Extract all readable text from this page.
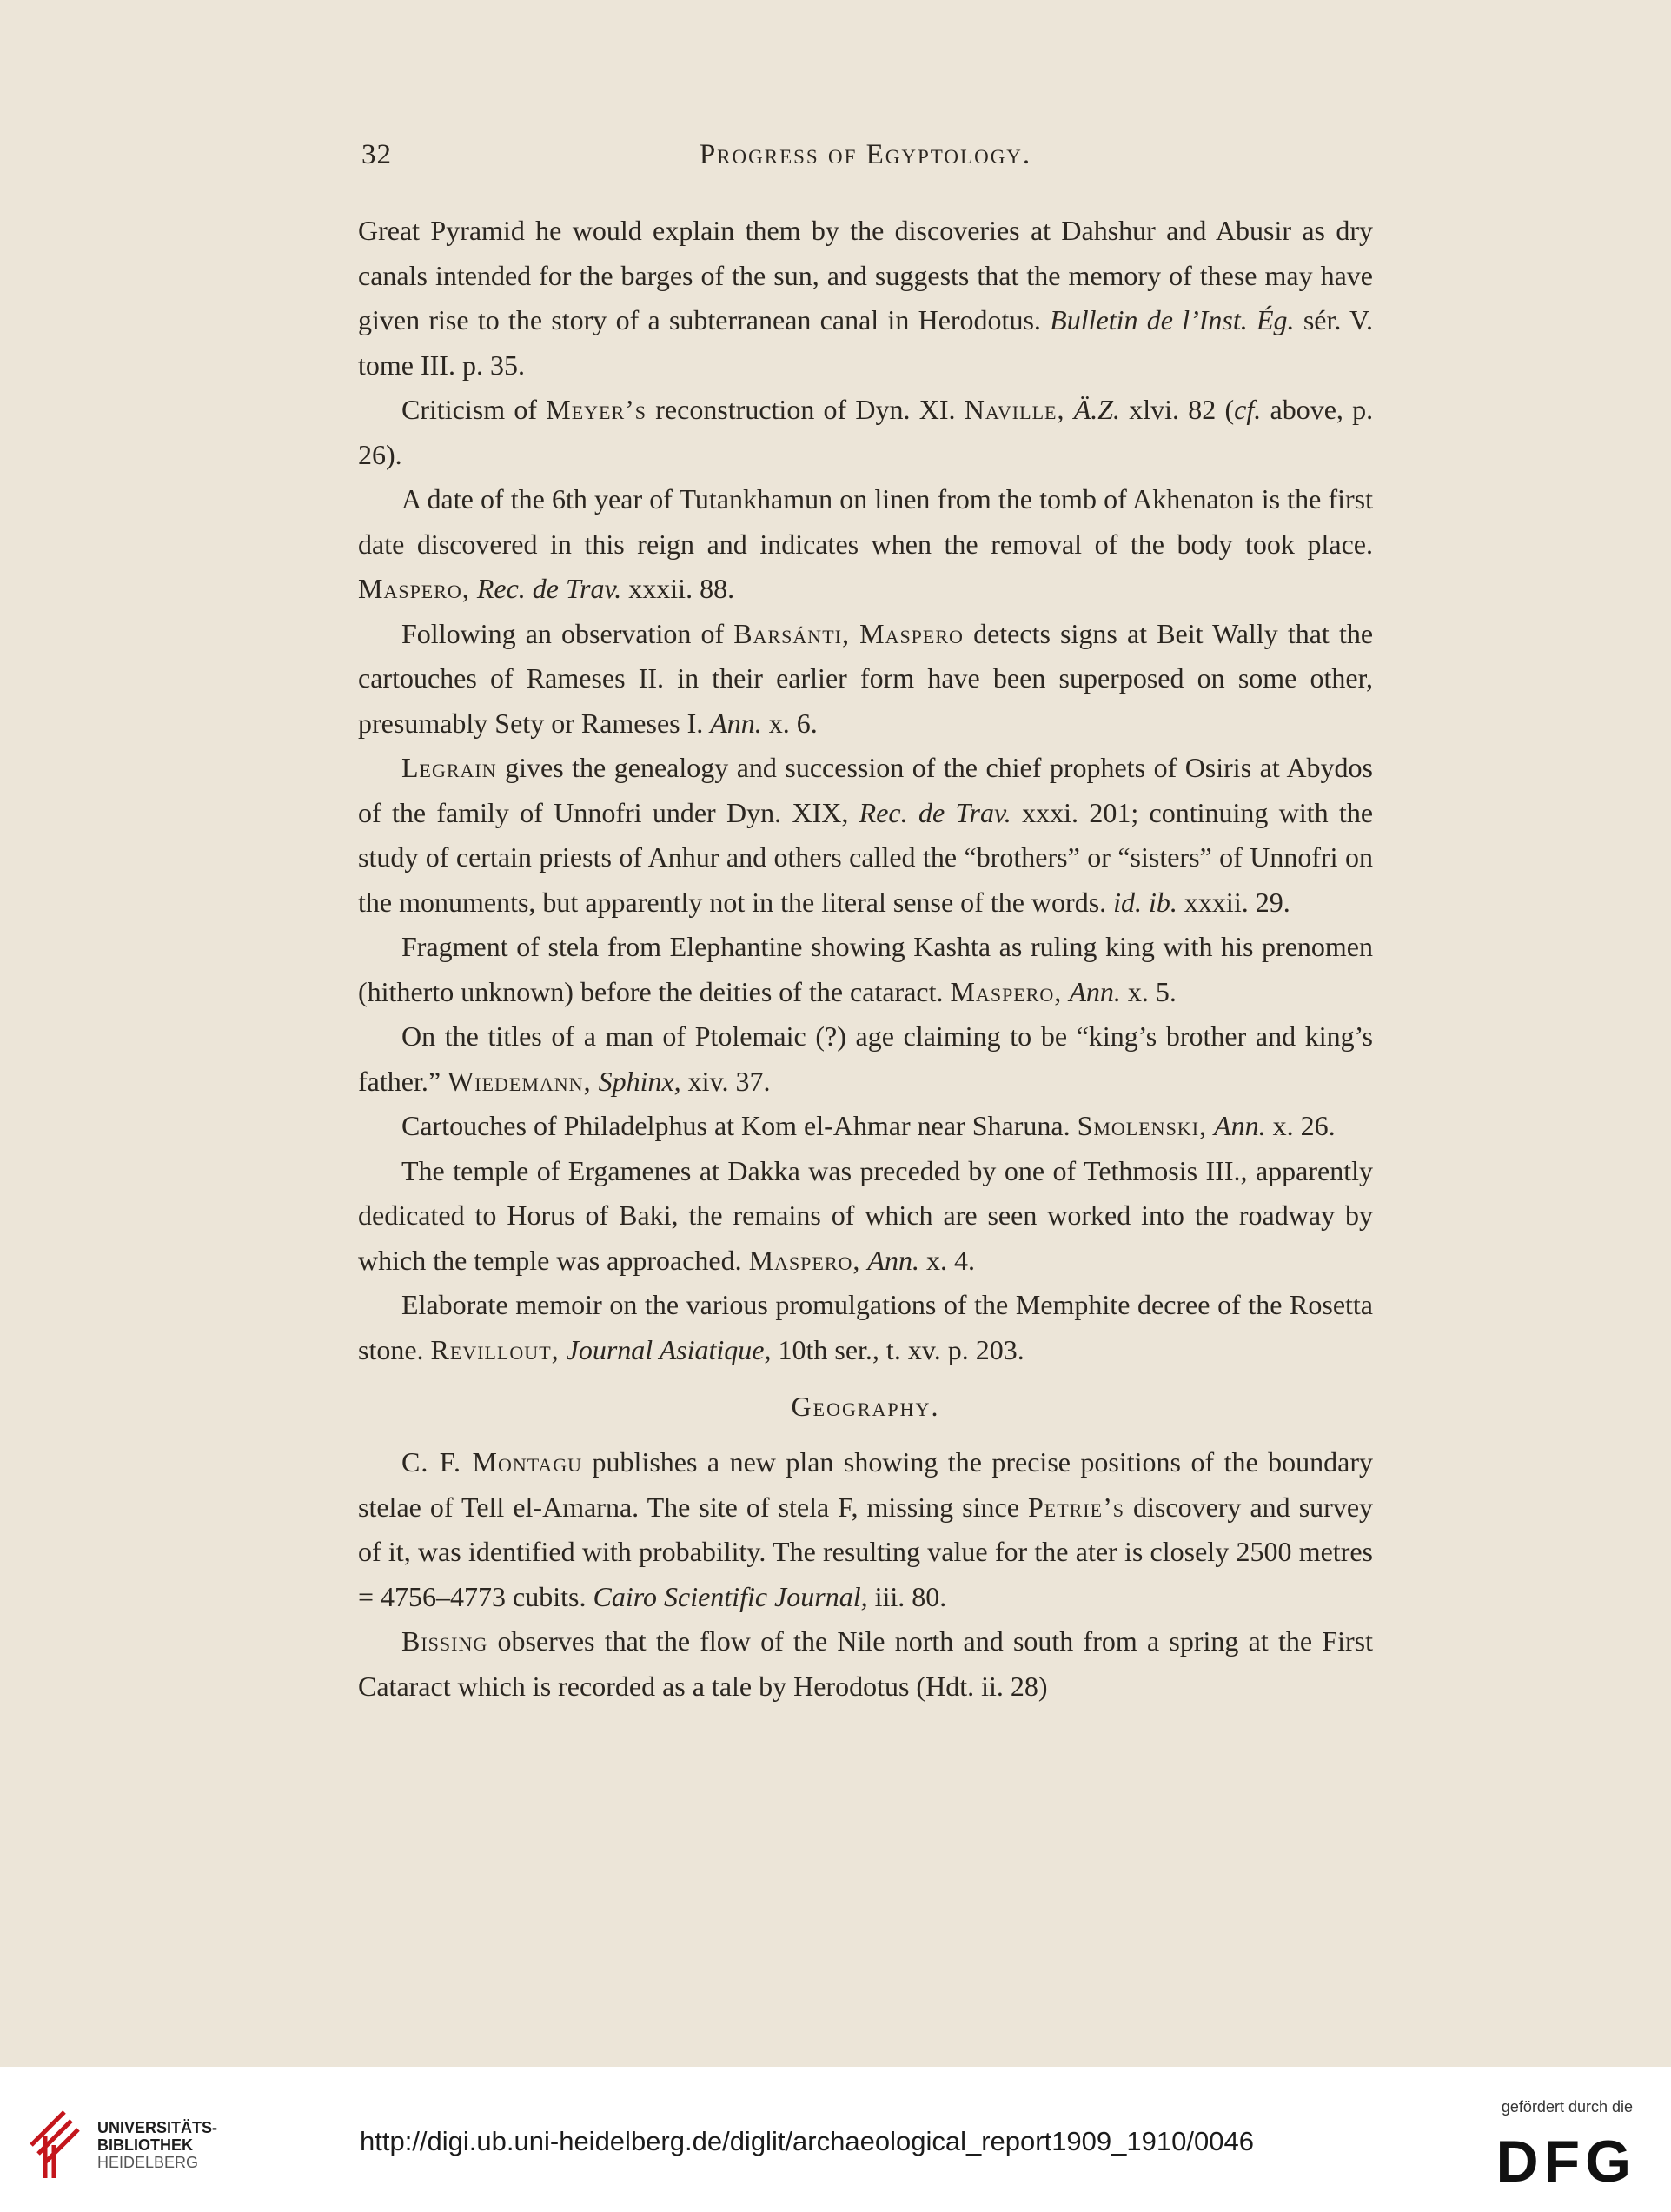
32	Progress of Egyptology.

Great Pyramid he would explain them by the discoveries at Dahshur and Abusir as dry canals intended for the barges of the sun, and suggests that the memory of these may have given rise to the story of a subterranean canal in Herodotus. Bulletin de l’Inst. Ég. sér. V. tome III. p. 35.

Criticism of Meyer’s reconstruction of Dyn. XI. Naville, Ä.Z. xlvi. 82 (cf. above, p. 26).

A date of the 6th year of Tutankhamun on linen from the tomb of Akhenaton is the first date discovered in this reign and indicates when the removal of the body took place. Maspero, Rec. de Trav. xxxii. 88.

Following an observation of Barsánti, Maspero detects signs at Beit Wally that the cartouches of Rameses II. in their earlier form have been superposed on some other, presumably Sety or Rameses I. Ann. x. 6.

Legrain gives the genealogy and succession of the chief prophets of Osiris at Abydos of the family of Unnofri under Dyn. XIX, Rec. de Trav. xxxi. 201; continuing with the study of certain priests of Anhur and others called the “brothers” or “sisters” of Unnofri on the monuments, but apparently not in the literal sense of the words. id. ib. xxxii. 29.

Fragment of stela from Elephantine showing Kashta as ruling king with his prenomen (hitherto unknown) before the deities of the cataract. Maspero, Ann. x. 5.

On the titles of a man of Ptolemaic (?) age claiming to be “king’s brother and king’s father.” Wiedemann, Sphinx, xiv. 37.

Cartouches of Philadelphus at Kom el-Ahmar near Sharuna. Smolenski, Ann. x. 26.

The temple of Ergamenes at Dakka was preceded by one of Tethmosis III., apparently dedicated to Horus of Baki, the remains of which are seen worked into the roadway by which the temple was approached. Maspero, Ann. x. 4.

Elaborate memoir on the various promulgations of the Memphite decree of the Rosetta stone. Revillout, Journal Asiatique, 10th ser., t. xv. p. 203.

Geography.

C. F. Montagu publishes a new plan showing the precise positions of the boundary stelae of Tell el-Amarna. The site of stela F, missing since Petrie’s discovery and survey of it, was identified with probability. The resulting value for the ater is closely 2500 metres = 4756–4773 cubits. Cairo Scientific Journal, iii. 80.

Bissing observes that the flow of the Nile north and south from a spring at the First Cataract which is recorded as a tale by Herodotus (Hdt. ii. 28)

UNIVERSITÄTS-
BIBLIOTHEK
HEIDELBERG
http://digi.ub.uni-heidelberg.de/diglit/archaeological_report1909_1910/0046
gefördert durch die
DFG
